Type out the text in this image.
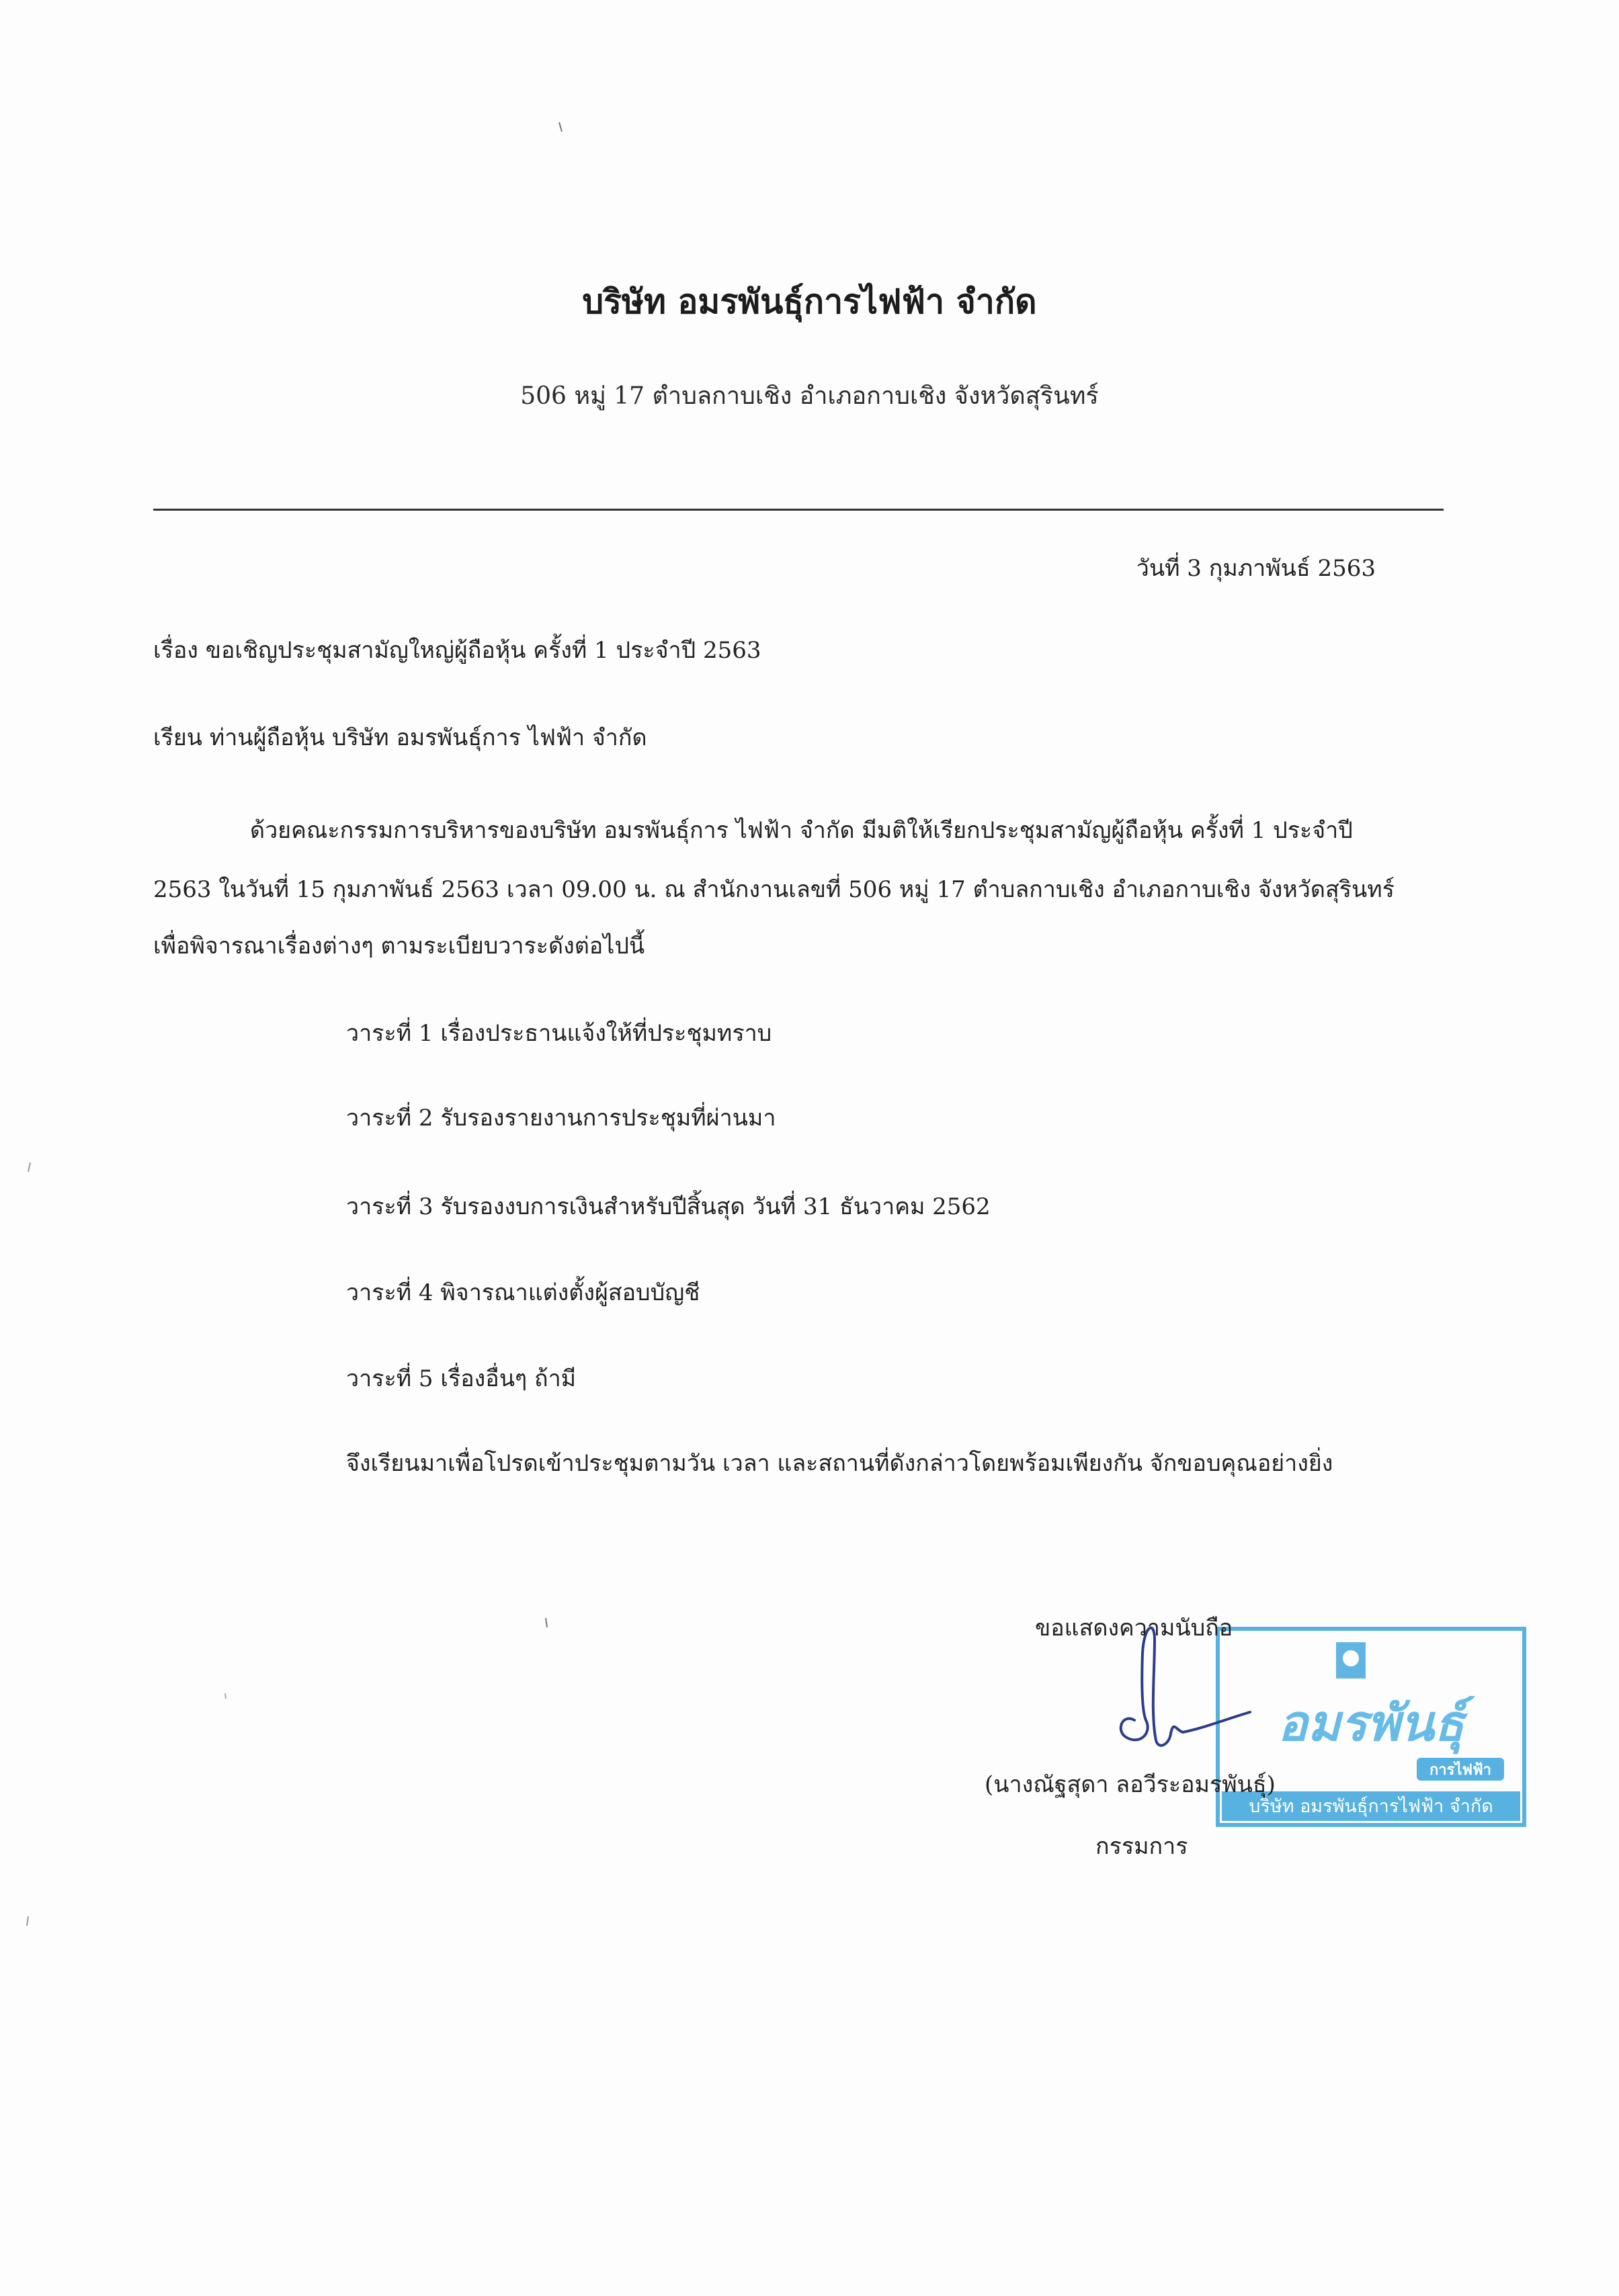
บริษัท อมรพันธุ์การไฟฟ้า จำกัด
506 หมู่ 17 ตำบลกาบเชิง อำเภอกาบเชิง จังหวัดสุรินทร์
วันที่ 3 กุมภาพันธ์ 2563
เรื่อง ขอเชิญประชุมสามัญใหญ่ผู้ถือหุ้น ครั้งที่ 1 ประจำปี 2563
เรียน ท่านผู้ถือหุ้น บริษัท อมรพันธุ์การ ไฟฟ้า จำกัด
ด้วยคณะกรรมการบริหารของบริษัท อมรพันธุ์การ ไฟฟ้า จำกัด มีมติให้เรียกประชุมสามัญผู้ถือหุ้น ครั้งที่ 1 ประจำปี
2563 ในวันที่ 15 กุมภาพันธ์ 2563 เวลา 09.00 น. ณ สำนักงานเลขที่ 506 หมู่ 17 ตำบลกาบเชิง อำเภอกาบเชิง จังหวัดสุรินทร์
เพื่อพิจารณาเรื่องต่างๆ ตามระเบียบวาระดังต่อไปนี้
วาระที่ 1 เรื่องประธานแจ้งให้ที่ประชุมทราบ
วาระที่ 2 รับรองรายงานการประชุมที่ผ่านมา
วาระที่ 3 รับรองงบการเงินสำหรับปีสิ้นสุด วันที่ 31 ธันวาคม 2562
วาระที่ 4 พิจารณาแต่งตั้งผู้สอบบัญชี
วาระที่ 5 เรื่องอื่นๆ ถ้ามี
จึงเรียนมาเพื่อโปรดเข้าประชุมตามวัน เวลา และสถานที่ดังกล่าวโดยพร้อมเพียงกัน จักขอบคุณอย่างยิ่ง
อมรพันธุ์
การไฟฟ้า
บริษัท อมรพันธุ์การไฟฟ้า จำกัด
ขอแสดงความนับถือ
(นางณัฐสุดา ลอวีระอมรพันธุ์)
กรรมการ
